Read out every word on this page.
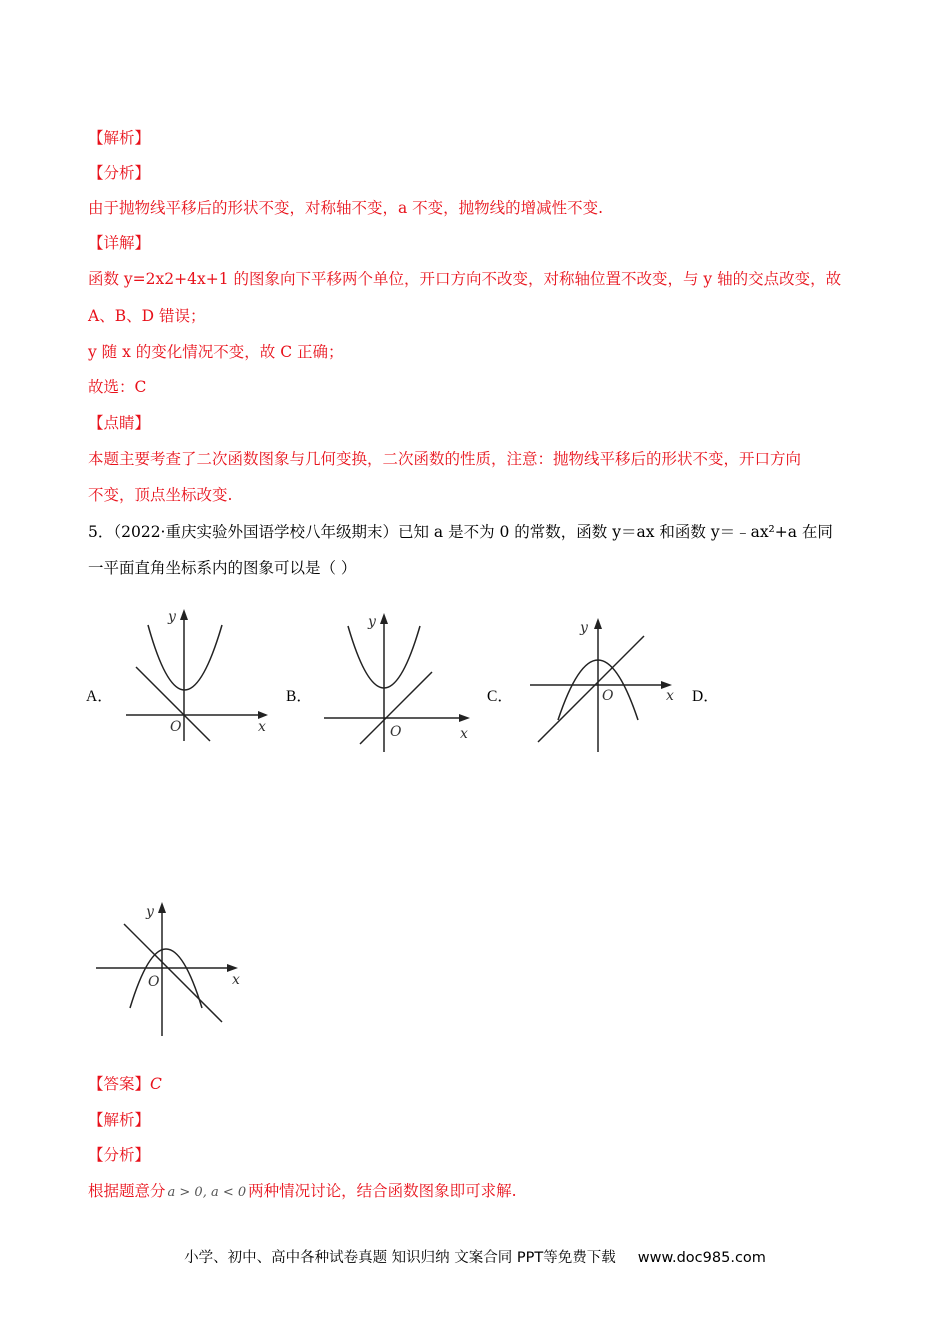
【解析】
【分析】
由于抛物线平移后的形状不变，对称轴不变，a 不变，抛物线的增减性不变.
【详解】
函数 y=2x2+4x+1 的图象向下平移两个单位，开口方向不改变，对称轴位置不改变，与 y 轴的交点改变，故
A、B、D 错误；
y 随 x 的变化情况不变，故 C 正确；
故选：C
【点睛】
本题主要考查了二次函数图象与几何变换，二次函数的性质，注意：抛物线平移后的形状不变，开口方向
不变，顶点坐标改变.
5．（2022·重庆实验外国语学校八年级期末）已知 a 是不为 0 的常数，函数 y＝ax 和函数 y＝﹣ax²+a 在同
一平面直角坐标系内的图象可以是（ ）
A．	B．	C．	D．
y
x
O
y
x
O
y
x
O
y
x
O
【答案】C
【解析】
【分析】
根据题意分 a > 0, a < 0 两种情况讨论，结合函数图象即可求解.
小学、初中、高中各种试卷真题 知识归纳 文案合同 PPT等免费下载 www.doc985.com
